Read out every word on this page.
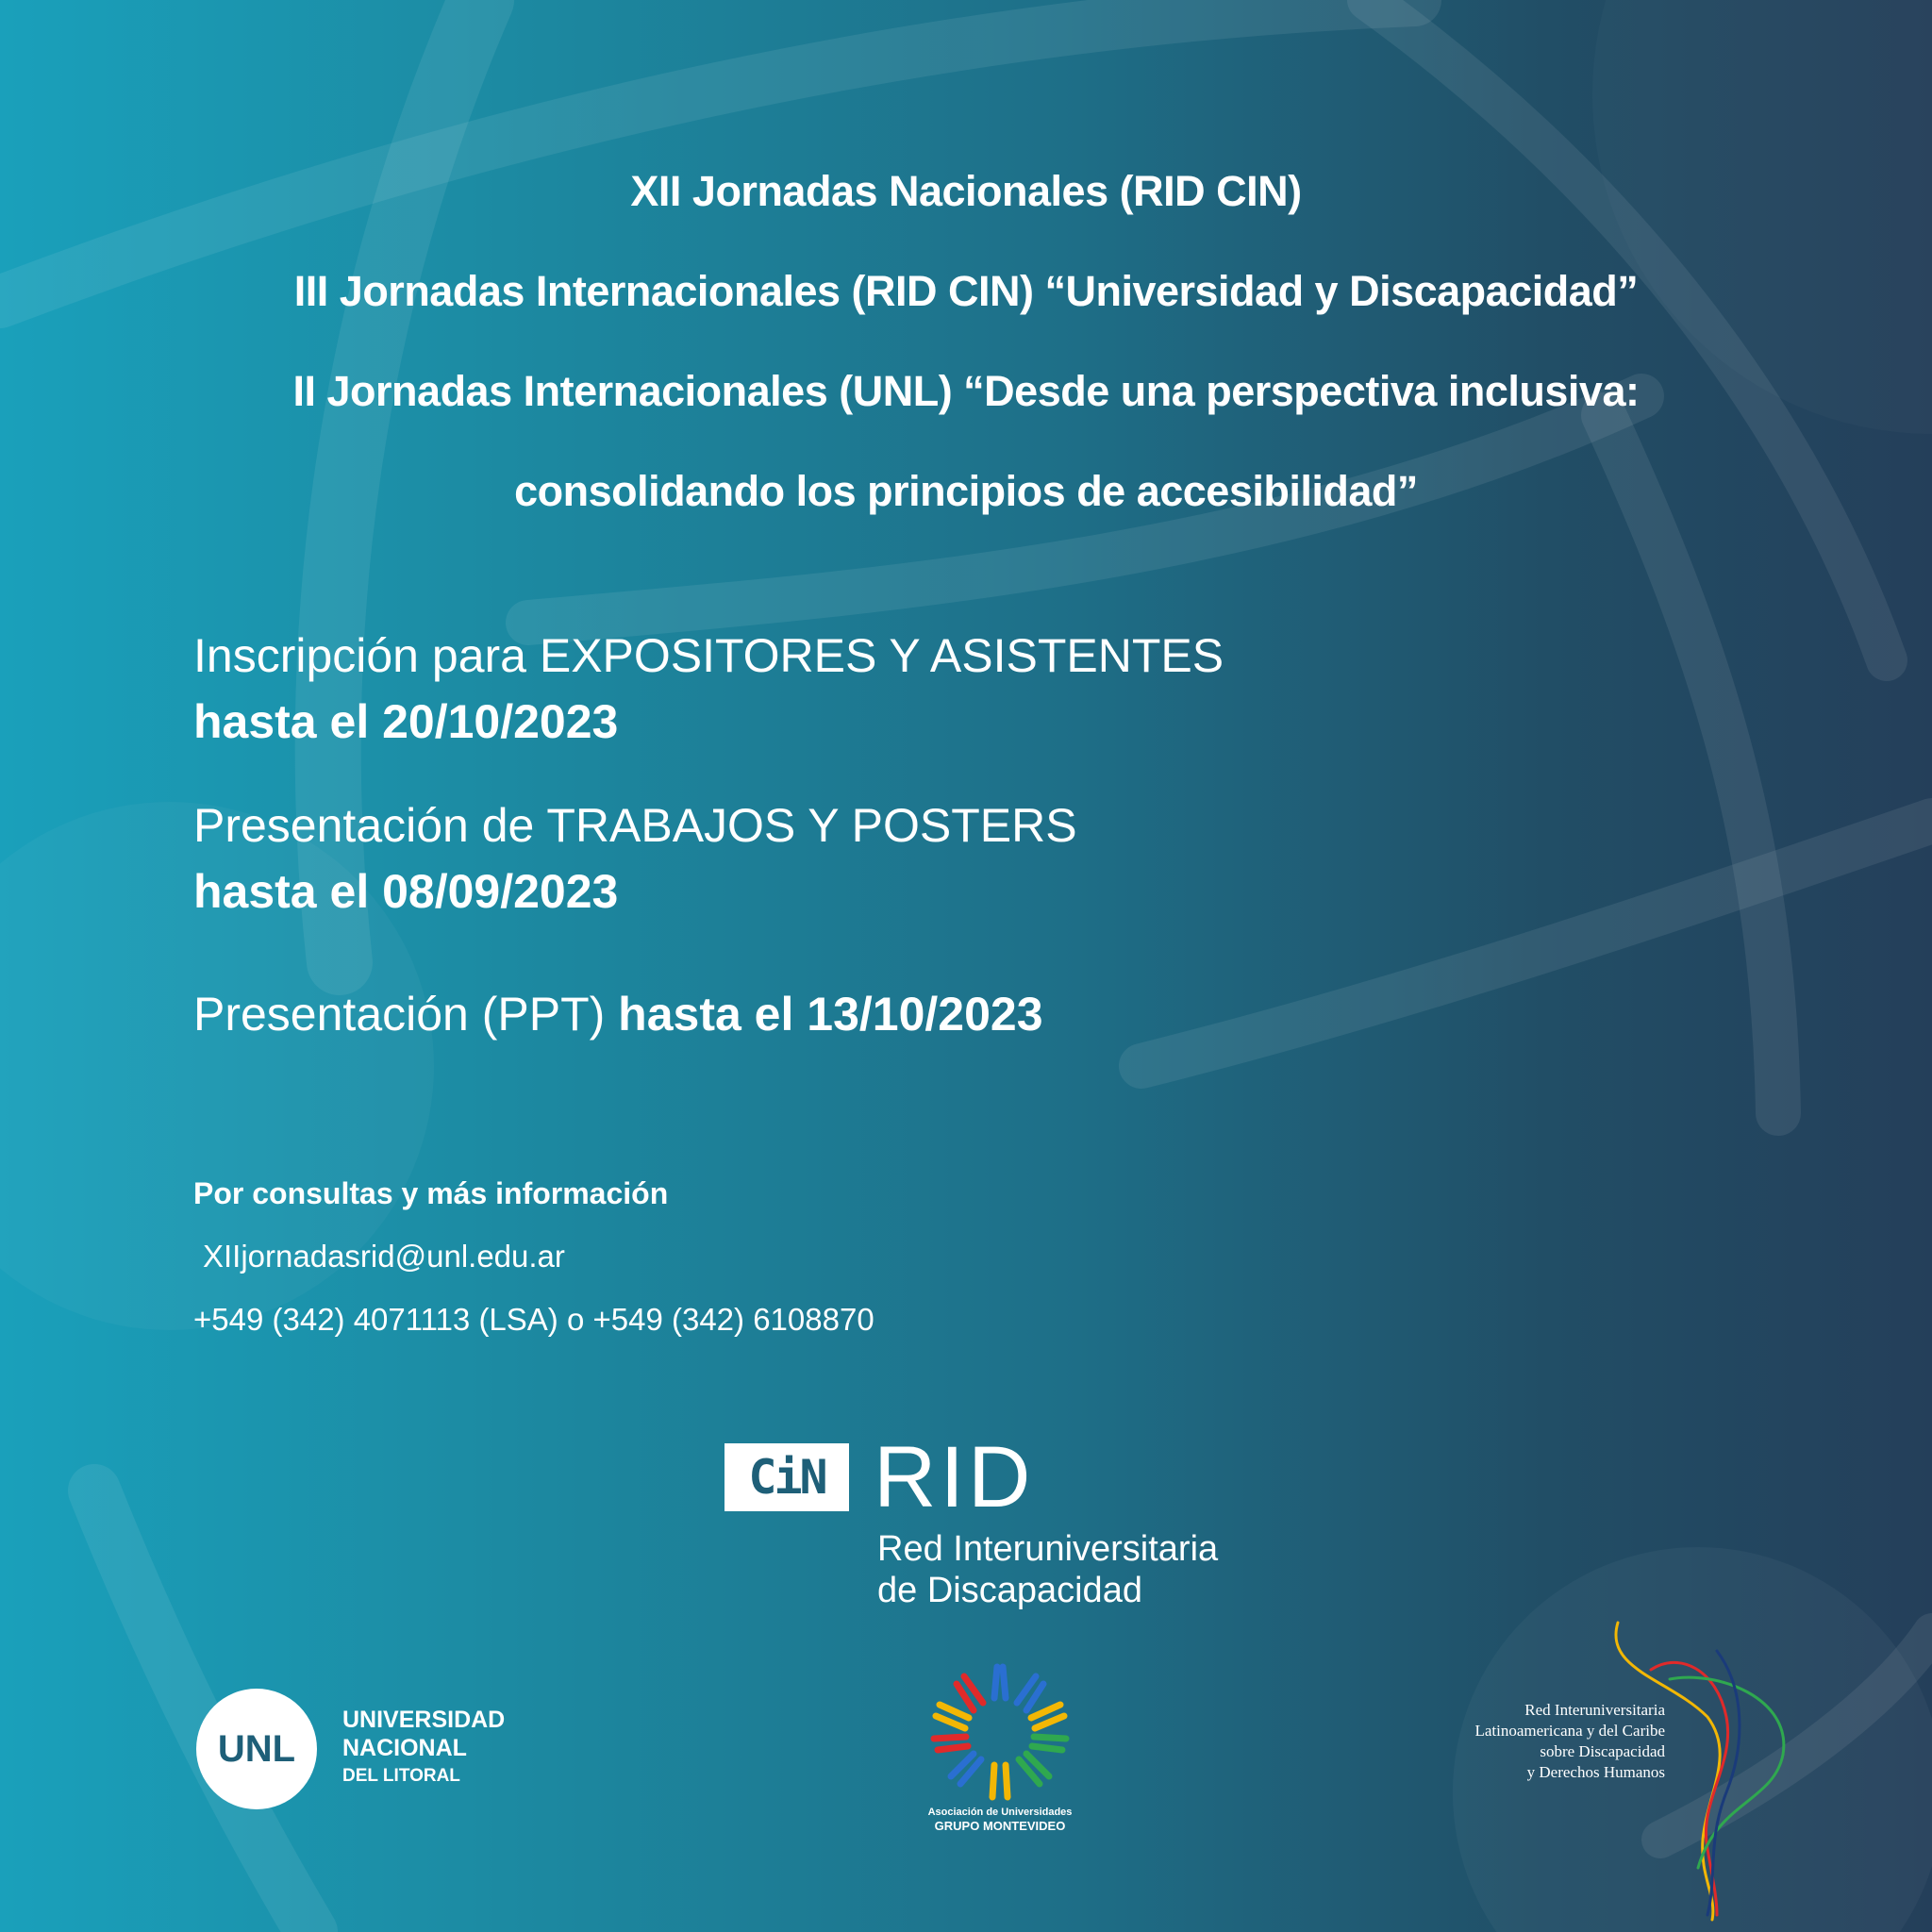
XII Jornadas Nacionales (RID CIN)
III Jornadas Internacionales (RID CIN) “Universidad y Discapacidad”
II Jornadas Internacionales (UNL) “Desde una perspectiva inclusiva:
consolidando los principios de accesibilidad”
Inscripción para EXPOSITORES Y ASISTENTES
hasta el 20/10/2023
Presentación de TRABAJOS Y POSTERS
hasta el 08/09/2023
Presentación (PPT) hasta el 13/10/2023
Por consultas y más información
XIIjornadasrid@unl.edu.ar
+549 (342) 4071113 (LSA) o +549 (342) 6108870
CiN RID
Red Interuniversitaria
de Discapacidad
UNL
UNIVERSIDAD
NACIONAL
DEL LITORAL
Asociación de Universidades
GRUPO MONTEVIDEO
Red Interuniversitaria
Latinoamericana y del Caribe
sobre Discapacidad
y Derechos Humanos
